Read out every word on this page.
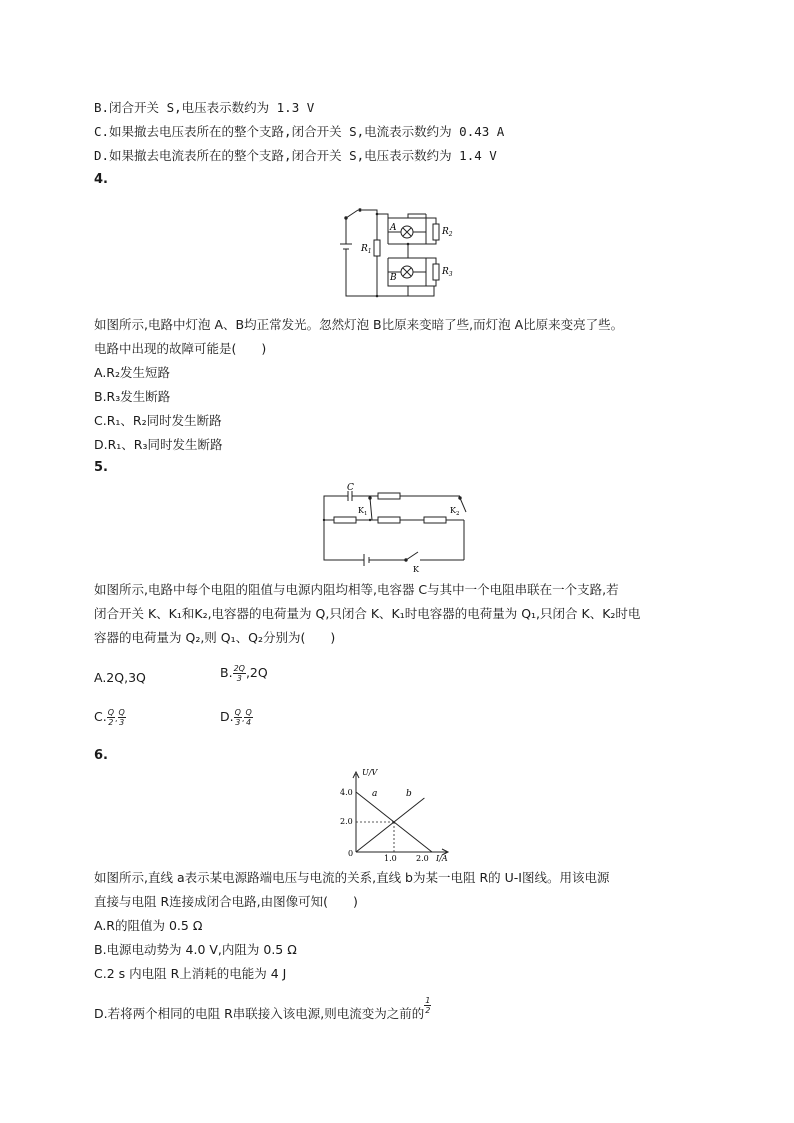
B.闭合开关 S,电压表示数约为 1.3 V
C.如果撤去电压表所在的整个支路,闭合开关 S,电流表示数约为 0.43 A
D.如果撤去电流表所在的整个支路,闭合开关 S,电压表示数约为 1.4 V
4.
$R_1$
$R_2$
$R_3$
A
B
如图所示,电路中灯泡 A、B均正常发光。忽然灯泡 B比原来变暗了些,而灯泡 A比原来变亮了些。
电路中出现的故障可能是(　　)
A.R₂发生短路
B.R₃发生断路
C.R₁、R₂同时发生断路
D.R₁、R₃同时发生断路
5.
C
$K_1$	$K_2$
K
如图所示,电路中每个电阻的阻值与电源内阻均相等,电容器 C与其中一个电阻串联在一个支路,若
闭合开关 K、K₁和K₂,电容器的电荷量为 Q,只闭合 K、K₁时电容器的电荷量为 Q₁,只闭合 K、K₂时电
容器的电荷量为 Q₂,则 Q₁、Q₂分别为(　　)
A.2Q,3Q	B. $\frac{2Q}{3} ,2Q$
C. $\frac{Q}{2}$ , $\frac{Q}{3}$	D. $\frac{Q}{3}$ , $\frac{Q}{4}$
6.
U/V
I/A
0
4.0
2.0
1.0 2.0
a	b
如图所示,直线 a表示某电源路端电压与电流的关系,直线 b为某一电阻 R的 U-I图线。用该电源
直接与电阻 R连接成闭合电路,由图像可知(　　)
A.R的阻值为 0.5 Ω
B.电源电动势为 4.0 V,内阻为 0.5 Ω
C.2 s 内电阻 R上消耗的电能为 4 J
D.若将两个相同的电阻 R串联接入该电源,则电流变为之前的 $\frac{1}{2}$
